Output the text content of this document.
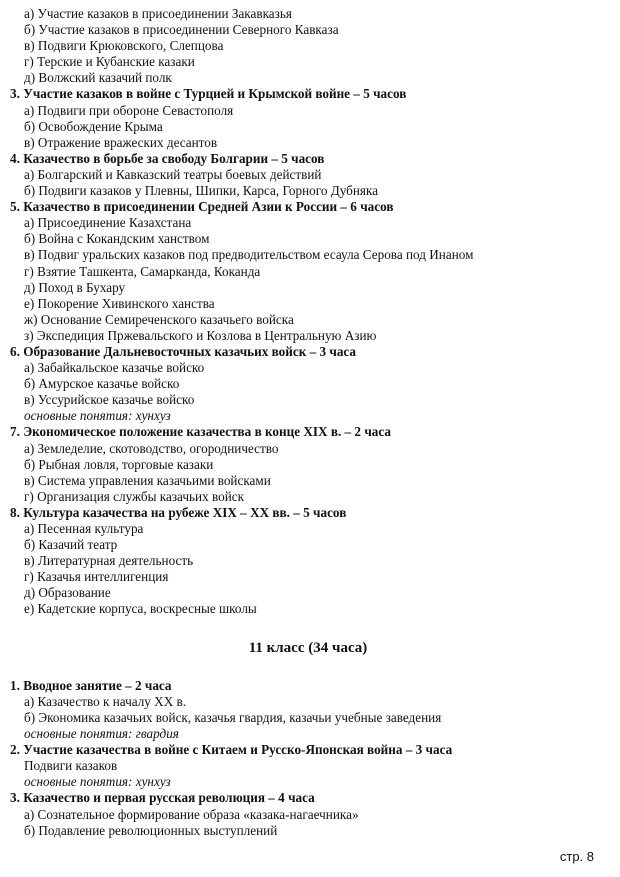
а) Участие казаков в присоединении Закавказья
б) Участие казаков в присоединении Северного Кавказа
в) Подвиги Крюковского, Слепцова
г) Терские и Кубанские казаки
д) Волжский казачий полк
3. Участие казаков в войне с Турцией и Крымской войне – 5 часов
а) Подвиги при обороне Севастополя
б) Освобождение Крыма
в) Отражение вражеских десантов
4. Казачество в борьбе за свободу Болгарии – 5 часов
а) Болгарский и Кавказский театры боевых действий
б) Подвиги казаков у Плевны, Шипки, Карса, Горного Дубняка
5. Казачество в присоединении Средней Азии к России – 6 часов
а) Присоединение Казахстана
б) Война с Кокандским ханством
в) Подвиг уральских казаков под предводительством есаула Серова под Инаном
г) Взятие Ташкента, Самарканда, Коканда
д) Поход в Бухару
е) Покорение Хивинского ханства
ж) Основание Семиреченского казачьего войска
з) Экспедиция Пржевальского и Козлова в Центральную Азию
6. Образование Дальневосточных казачьих войск – 3 часа
а) Забайкальское казачье войско
б) Амурское казачье войско
в) Уссурийское казачье войско
основные понятия: хунхуз
7. Экономическое положение казачества в конце XIX в. – 2 часа
а) Земледелие, скотоводство, огородничество
б) Рыбная ловля, торговые казаки
в) Система управления казачьими войсками
г) Организация службы казачьих войск
8. Культура казачества на рубеже XIX – XX вв. – 5 часов
а) Песенная культура
б) Казачий театр
в) Литературная деятельность
г) Казачья интеллигенция
д) Образование
е) Кадетские корпуса, воскресные школы
11 класс (34 часа)
1. Вводное занятие – 2 часа
а) Казачество к началу XX в.
б) Экономика казачьих войск, казачья гвардия, казачьи учебные заведения
основные понятия: гвардия
2. Участие казачества в войне с Китаем и Русско-Японская война – 3 часа
Подвиги казаков
основные понятия: хунхуз
3. Казачество и первая русская революция – 4 часа
а) Сознательное формирование образа «казака-нагаечника»
б) Подавление революционных выступлений
стр. 8
